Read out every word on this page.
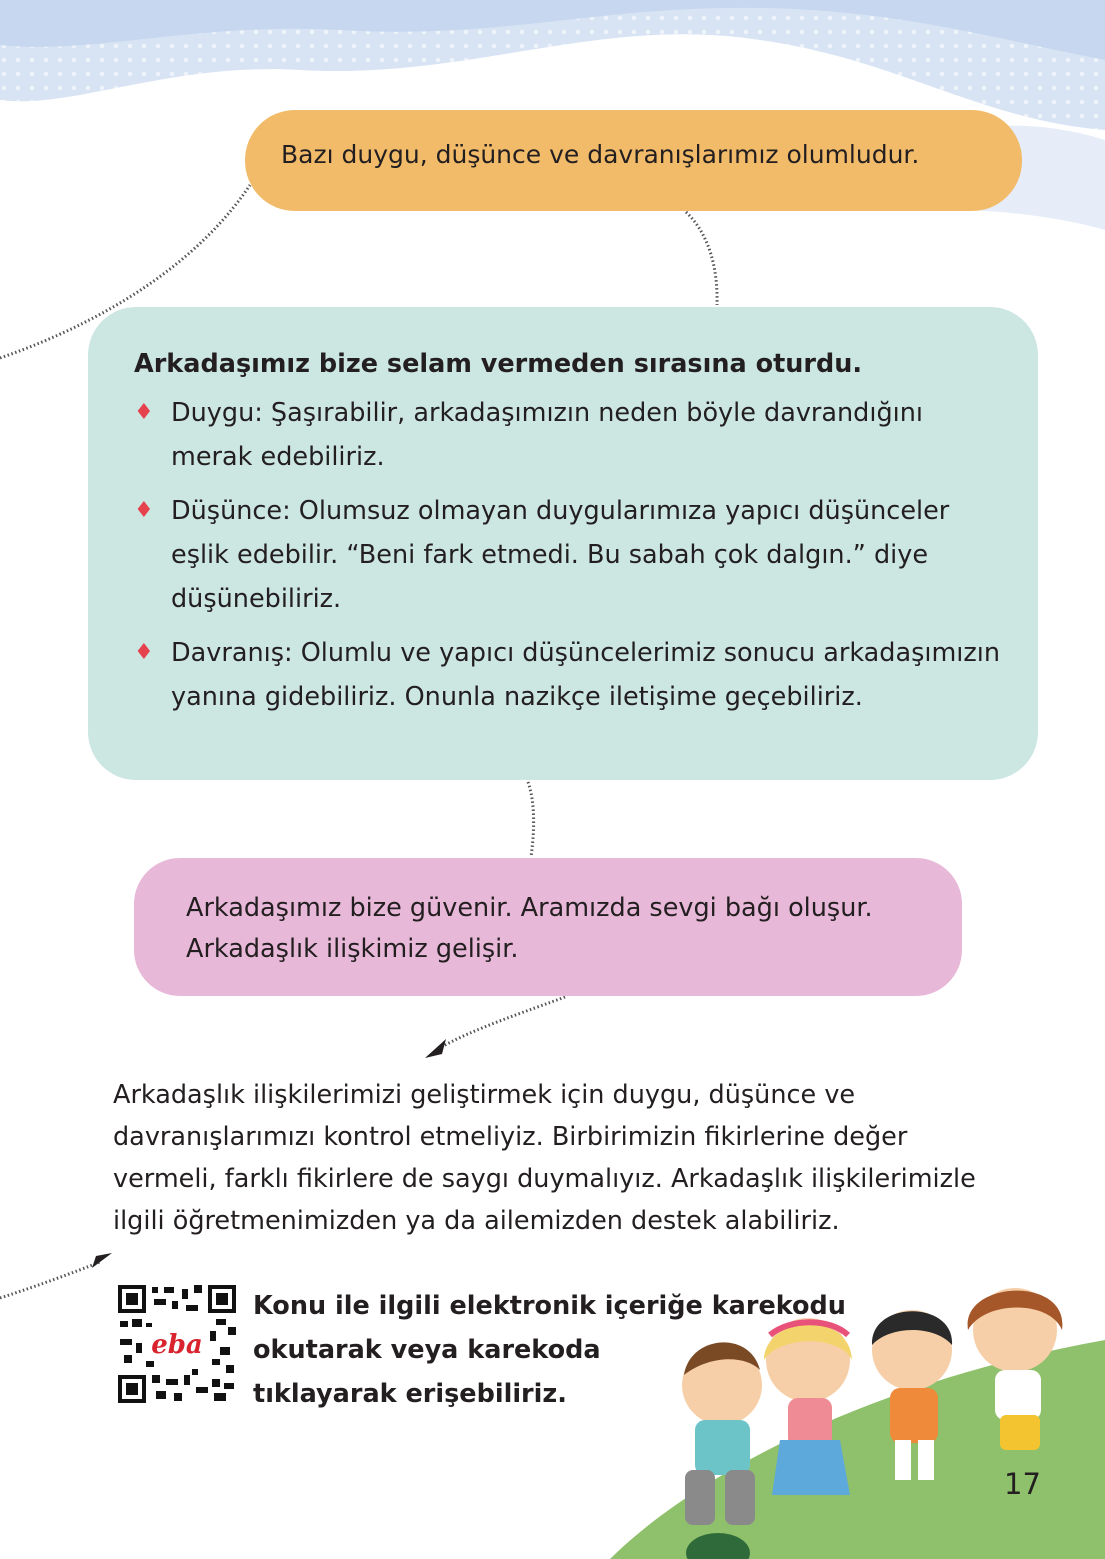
Bazı duygu, düşünce ve davranışlarımız olumludur.
Arkadaşımız bize selam vermeden sırasına oturdu.
♦ Duygu: Şaşırabilir, arkadaşımızın neden böyle davrandığını
merak edebiliriz.
♦ Düşünce: Olumsuz olmayan duygularımıza yapıcı düşünceler
eşlik edebilir. “Beni fark etmedi. Bu sabah çok dalgın.” diye
düşünebiliriz.
♦ Davranış: Olumlu ve yapıcı düşüncelerimiz sonucu arkadaşımızın
yanına gidebiliriz. Onunla nazikçe iletişime geçebiliriz.
Arkadaşımız bize güvenir. Aramızda sevgi bağı oluşur.
Arkadaşlık ilişkimiz gelişir.
Arkadaşlık ilişkilerimizi geliştirmek için duygu, düşünce ve
davranışlarımızı kontrol etmeliyiz. Birbirimizin fikirlerine değer
vermeli, farklı fikirlere de saygı duymalıyız. Arkadaşlık ilişkilerimizle
ilgili öğretmenimizden ya da ailemizden destek alabiliriz.
eba
Konu ile ilgili elektronik içeriğe karekodu
okutarak veya karekoda
tıklayarak erişebiliriz.
17
